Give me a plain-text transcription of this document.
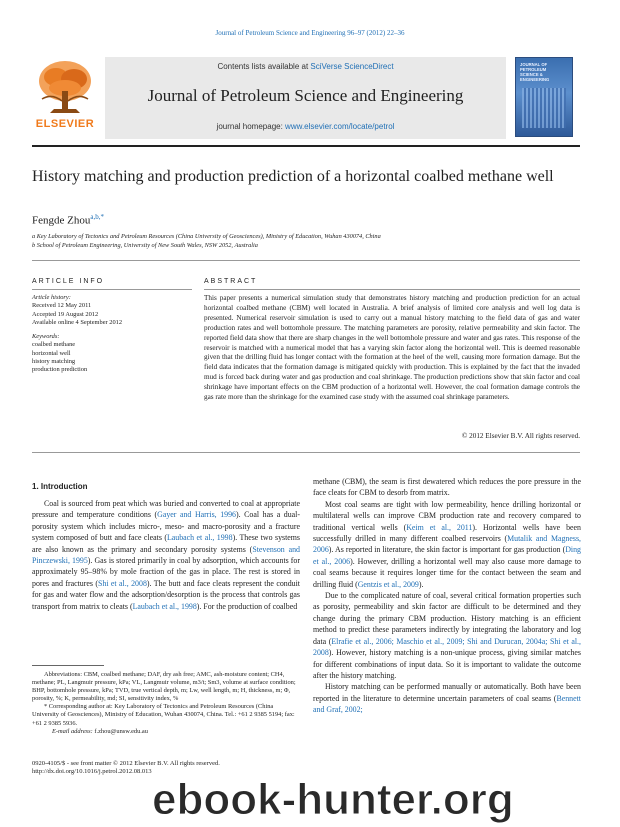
Journal of Petroleum Science and Engineering 96–97 (2012) 22–36
ELSEVIER
Contents lists available at SciVerse ScienceDirect
Journal of Petroleum Science and Engineering
journal homepage: www.elsevier.com/locate/petrol
JOURNAL OF
PETROLEUM
SCIENCE &
ENGINEERING
History matching and production prediction of a horizontal coalbed methane well
Fengde Zhou$^{a,b,*}$
a Key Laboratory of Tectonics and Petroleum Resources (China University of Geosciences), Ministry of Education, Wuhan 430074, China
b School of Petroleum Engineering, University of New South Wales, NSW 2052, Australia
ARTICLE INFO	ABSTRACT
Article history:
Received 12 May 2011
Accepted 19 August 2012
Available online 4 September 2012
Keywords:
coalbed methane
horizontal well
history matching
production prediction
This paper presents a numerical simulation study that demonstrates history matching and production prediction for an actual horizontal coalbed methane (CBM) well located in Australia. A brief analysis of limited core analysis and well log data is presented. Numerical reservoir simulation is used to carry out a manual history matching to the field data of gas and water production rates and well bottomhole pressure. The matching parameters are porosity, relative permeability and skin factor. The reported field data show that there are sharp changes in the well bottomhole pressure and water and gas rates. This response of the reservoir is matched with a numerical model that has a varying skin factor along the horizontal well. This is deemed reasonable given that the drilling fluid has longer contact with the formation at the heel of the well, causing more formation damage. But the field data indicates that the formation damage is mitigated quickly with production. This is explained by the fact that the invaded mud is forced back during water and gas production and coal shrinkage. The production predictions show that skin factor and coal shrinkage have important effects on the CBM production of a horizontal well. However, the coal formation damage controls the gas rate more than the shrinkage for the examined case study with the assumed coal shrinkage parameters.
© 2012 Elsevier B.V. All rights reserved.
1. Introduction

Coal is sourced from peat which was buried and converted to coal at appropriate pressure and temperature conditions (Gayer and Harris, 1996). Coal has a dual-porosity system which includes micro-, meso- and macro-porosity and a fracture system composed of butt and face cleats (Laubach et al., 1998). These two systems are also known as the primary and secondary porosity systems (Stevenson and Pinczewski, 1995). Gas is stored primarily in coal by adsorption, which accounts for approximately 95–98% by mole fraction of the gas in place. The rest is stored in pores and fractures (Shi et al., 2008). The butt and face cleats represent the conduit for gas and water flow and the adsorption/desorption is the process that controls gas transport from matrix to cleats (Laubach et al., 1998). For the production of coalbed

methane (CBM), the seam is first dewatered which reduces the pore pressure in the face cleats for CBM to desorb from matrix.

Most coal seams are tight with low permeability, hence drilling horizontal or multilateral wells can improve CBM production rate and recovery compared to traditional vertical wells (Keim et al., 2011). Horizontal wells have been successfully drilled in many different coalbed reservoirs (Mutalik and Magness, 2006). As reported in literature, the skin factor is important for gas production (Ding et al., 2006). However, drilling a horizontal well may also cause more damage to coal seams because it requires longer time for the contact between the seam and drilling fluid (Gentzis et al., 2009).

Due to the complicated nature of coal, several critical formation properties such as porosity, permeability and skin factor are difficult to be determined and they change during the primary CBM production. History matching is an efficient method to predict these parameters indirectly by integrating the laboratory and log data (Elrafie et al., 2006; Maschio et al., 2009; Shi and Durucan, 2004a; Shi et al., 2008). However, history matching is a non-unique process, giving similar matches for different combinations of input data. So it is important to validate the outcome after the history matching.

History matching can be performed manually or automatically. Both have been reported in the literature to determine uncertain parameters of coal seams (Bennett and Graf, 2002;

Abbreviations: CBM, coalbed methane; DAF, dry ash free; AMC, ash-moisture content; CH4, methane; PL, Langmuir pressure, kPa; VL, Langmuir volume, m3/t; Sm3, volume at surface condition; BHP, bottomhole pressure, kPa; TVD, true vertical depth, m; Lw, well length, m; H, thickness, m; Φ, porosity, %; K, permeability, md; SI, sensitivity index, %

* Corresponding author at: Key Laboratory of Tectonics and Petroleum Resources (China University of Geosciences), Ministry of Education, Wuhan 430074, China. Tel.: +61 2 9385 5194; fax: +61 2 9385 5936.

E-mail address: f.zhou@unsw.edu.au

0920-4105/$ - see front matter © 2012 Elsevier B.V. All rights reserved.
http://dx.doi.org/10.1016/j.petrol.2012.08.013
ebook-hunter.org
